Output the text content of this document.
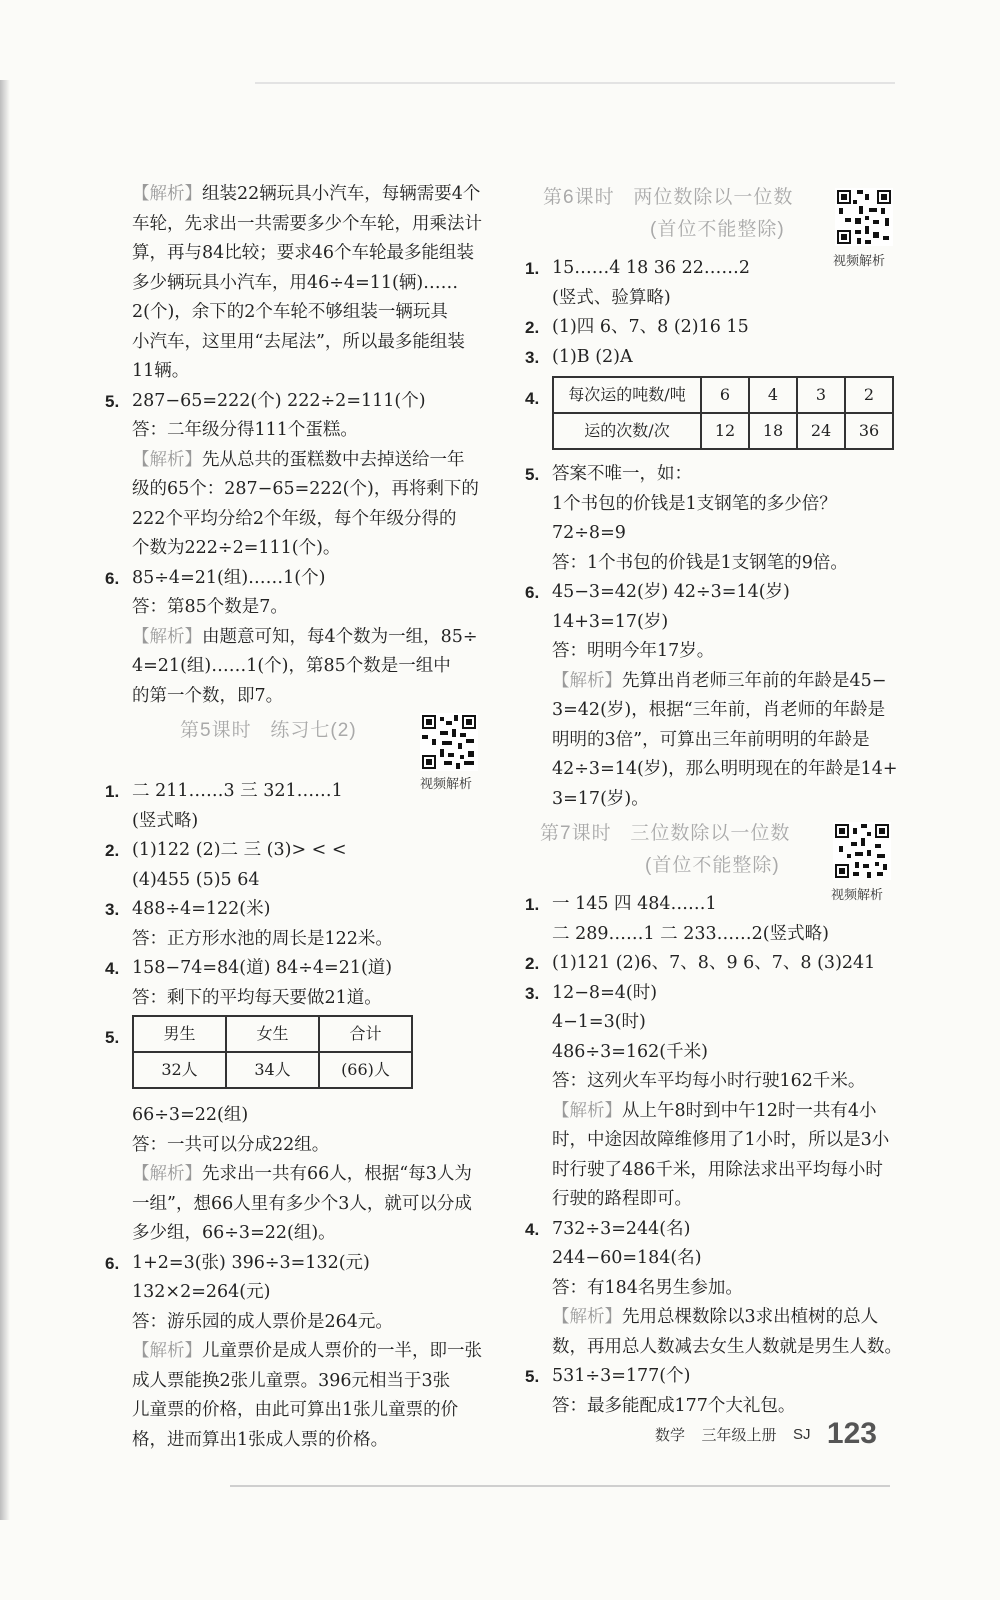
【解析】组装22辆玩具小汽车，每辆需要4个
车轮，先求出一共需要多少个车轮，用乘法计
算，再与84比较；要求46个车轮最多能组装
多少辆玩具小汽车，用46÷4=11(辆)……
2(个)，余下的2个车轮不够组装一辆玩具
小汽车，这里用“去尾法”，所以最多能组装
11辆。
5. 287−65=222(个) 222÷2=111(个)
答：二年级分得111个蛋糕。
【解析】先从总共的蛋糕数中去掉送给一年
级的65个：287−65=222(个)，再将剩下的
222个平均分给2个年级，每个年级分得的
个数为222÷2=111(个)。
6. 85÷4=21(组)……1(个)
答：第85个数是7。
【解析】由题意可知，每4个数为一组，85÷
4=21(组)……1(个)，第85个数是一组中
的第一个数，即7。
第5课时 练习七(2)
视频解析
1. 二 211……3 三 321……1
(竖式略)
2. (1)122 (2)二 三 (3)> < <
(4)455 (5)5 64
3. 488÷4=122(米)
答：正方形水池的周长是122米。
4. 158−74=84(道) 84÷4=21(道)
答：剩下的平均每天要做21道。
5.	男生	女生	合计
32人	34人	(66)人
66÷3=22(组)
答：一共可以分成22组。
【解析】先求出一共有66人，根据“每3人为
一组”，想66人里有多少个3人，就可以分成
多少组，66÷3=22(组)。
6. 1+2=3(张) 396÷3=132(元)
132×2=264(元)
答：游乐园的成人票价是264元。
【解析】儿童票价是成人票价的一半，即一张
成人票能换2张儿童票。396元相当于3张
儿童票的价格，由此可算出1张儿童票的价
格，进而算出1张成人票的价格。
第6课时 两位数除以一位数
(首位不能整除)
视频解析
1. 15……4 18 36 22……2
(竖式、验算略)
2. (1)四 6、7、8 (2)16 15
3. (1)B (2)A
4. 每次运的吨数/吨	6	4	3	2
运的次数/次	12	18	24	36
5. 答案不唯一，如：
1个书包的价钱是1支钢笔的多少倍？
72÷8=9
答：1个书包的价钱是1支钢笔的9倍。
6. 45−3=42(岁) 42÷3=14(岁)
14+3=17(岁)
答：明明今年17岁。
【解析】先算出肖老师三年前的年龄是45−
3=42(岁)，根据“三年前，肖老师的年龄是
明明的3倍”，可算出三年前明明的年龄是
42÷3=14(岁)，那么明明现在的年龄是14+
3=17(岁)。
第7课时 三位数除以一位数
(首位不能整除)
视频解析
1. 一 145 四 484……1
二 289……1 二 233……2(竖式略)
2. (1)121 (2)6、7、8、9 6、7、8 (3)241
3. 12−8=4(时)
4−1=3(时)
486÷3=162(千米)
答：这列火车平均每小时行驶162千米。
【解析】从上午8时到中午12时一共有4小
时，中途因故障维修用了1小时，所以是3小
时行驶了486千米，用除法求出平均每小时
行驶的路程即可。
4. 732÷3=244(名)
244−60=184(名)
答：有184名男生参加。
【解析】先用总棵数除以3求出植树的总人
数，再用总人数减去女生人数就是男生人数。
5. 531÷3=177(个)
答：最多能配成177个大礼包。
数学 三年级上册 SJ 123
